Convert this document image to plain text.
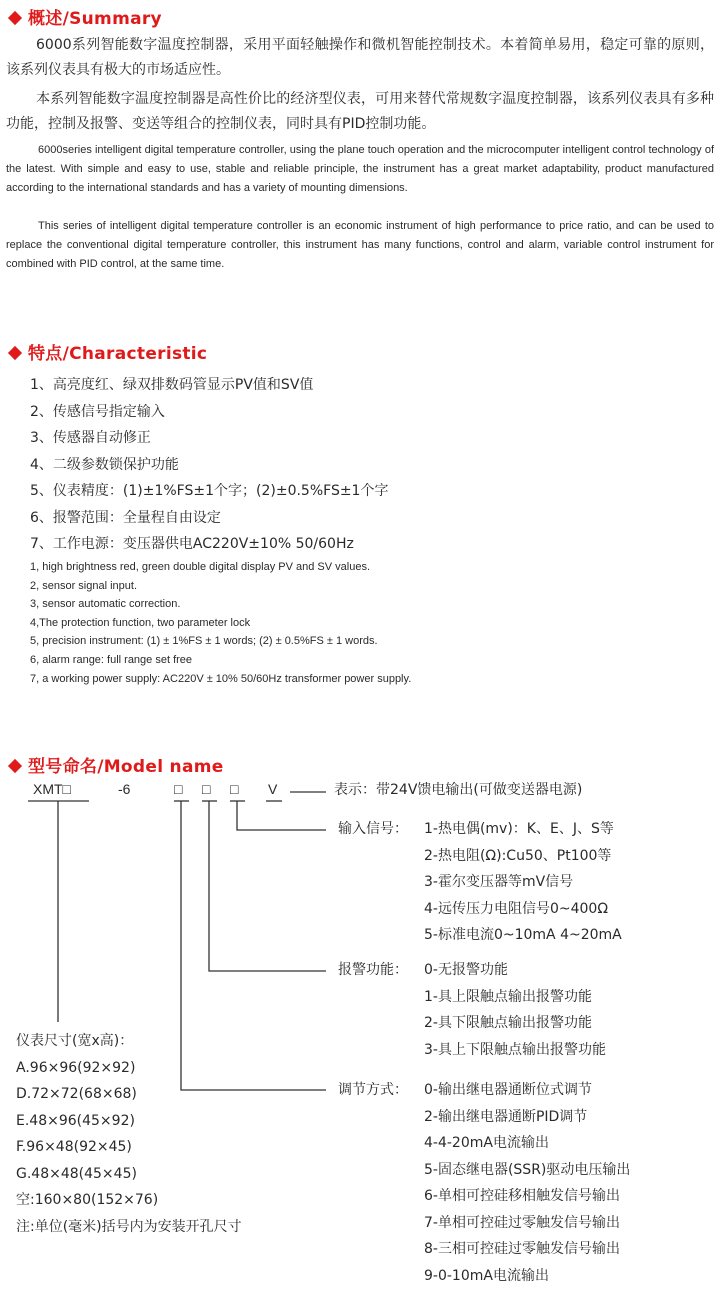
概述/Summary
6000系列智能数字温度控制器，采用平面轻触操作和微机智能控制技术。本着简单易用，稳定可靠的原则，该系列仪表具有极大的市场适应性。
本系列智能数字温度控制器是高性价比的经济型仪表，可用来替代常规数字温度控制器，该系列仪表具有多种功能，控制及报警、变送等组合的控制仪表，同时具有PID控制功能。
6000series intelligent digital temperature controller, using the plane touch operation and the microcomputer intelligent control technology of the latest. With simple and easy to use, stable and reliable principle, the instrument has a great market adaptability, product manufactured according to the international standards and has a variety of mounting dimensions.
This series of intelligent digital temperature controller is an economic instrument of high performance to price ratio, and can be used to replace the conventional digital temperature controller, this instrument has many functions, control and alarm, variable control instrument for combined with PID control, at the same time.
特点/Characteristic
1、高亮度红、绿双排数码管显示PV值和SV值
2、传感信号指定输入
3、传感器自动修正
4、二级参数锁保护功能
5、仪表精度：(1)±1%FS±1个字；(2)±0.5%FS±1个字
6、报警范围：全量程自由设定
7、工作电源：变压器供电AC220V±10% 50/60Hz
1, high brightness red, green double digital display PV and SV values.
2, sensor signal input.
3, sensor automatic correction.
4,The protection function, two parameter lock
5, precision instrument: (1) ± 1%FS ± 1 words; (2) ± 0.5%FS ± 1 words.
6, alarm range: full range set free
7, a working power supply: AC220V ± 10% 50/60Hz transformer power supply.
型号命名/Model name
XMT□	-6	□ □ □ V	表示：带24V馈电输出(可做变送器电源)
输入信号： 1-热电偶(mv)：K、E、J、S等
2-热电阻(Ω):Cu50、Pt100等
3-霍尔变压器等mV信号
4-远传压力电阻信号0~400Ω
5-标准电流0~10mA 4~20mA
报警功能： 0-无报警功能
1-具上限触点输出报警功能
2-具下限触点输出报警功能
3-具上下限触点输出报警功能
调节方式： 0-输出继电器通断位式调节
2-输出继电器通断PID调节
4-4-20mA电流输出
5-固态继电器(SSR)驱动电压输出
6-单相可控硅移相触发信号输出
7-单相可控硅过零触发信号输出
8-三相可控硅过零触发信号输出
9-0-10mA电流输出
仪表尺寸(宽x高)：
A.96×96(92×92)
D.72×72(68×68)
E.48×96(45×92)
F.96×48(92×45)
G.48×48(45×45)
空:160×80(152×76)
注:单位(毫米)括号内为安装开孔尺寸
